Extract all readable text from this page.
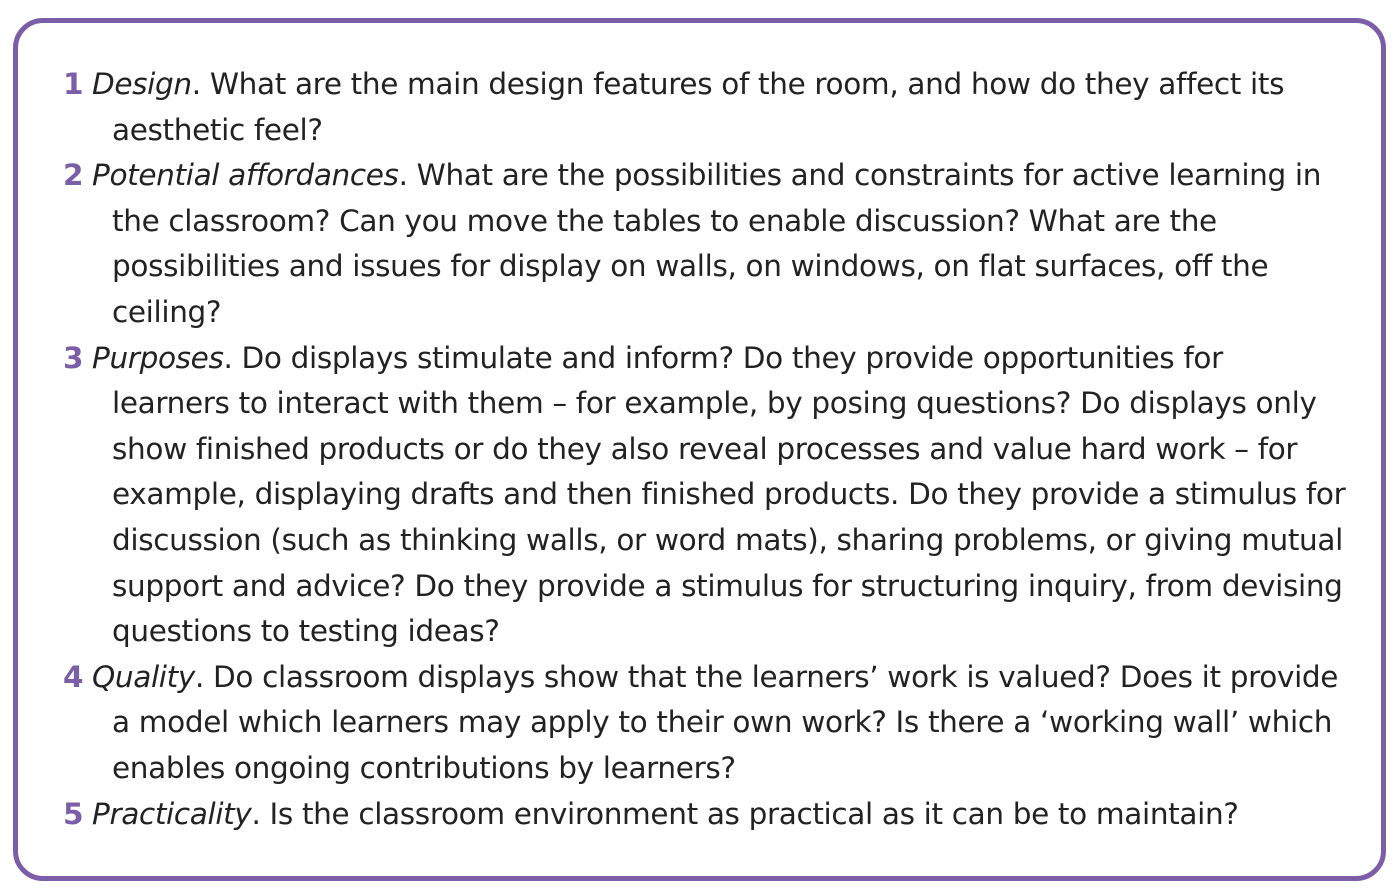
1 Design. What are the main design features of the room, and how do they affect its aesthetic feel?
2 Potential affordances. What are the possibilities and constraints for active learning in the classroom? Can you move the tables to enable discussion? What are the possibilities and issues for display on walls, on windows, on flat surfaces, off the ceiling?
3 Purposes. Do displays stimulate and inform? Do they provide opportunities for learners to interact with them – for example, by posing questions? Do displays only show finished products or do they also reveal processes and value hard work – for example, displaying drafts and then finished products. Do they provide a stimulus for discussion (such as thinking walls, or word mats), sharing problems, or giving mutual support and advice? Do they provide a stimulus for structuring inquiry, from devising questions to testing ideas?
4 Quality. Do classroom displays show that the learners’ work is valued? Does it provide a model which learners may apply to their own work? Is there a ‘working wall’ which enables ongoing contributions by learners?
5 Practicality. Is the classroom environment as practical as it can be to maintain?
